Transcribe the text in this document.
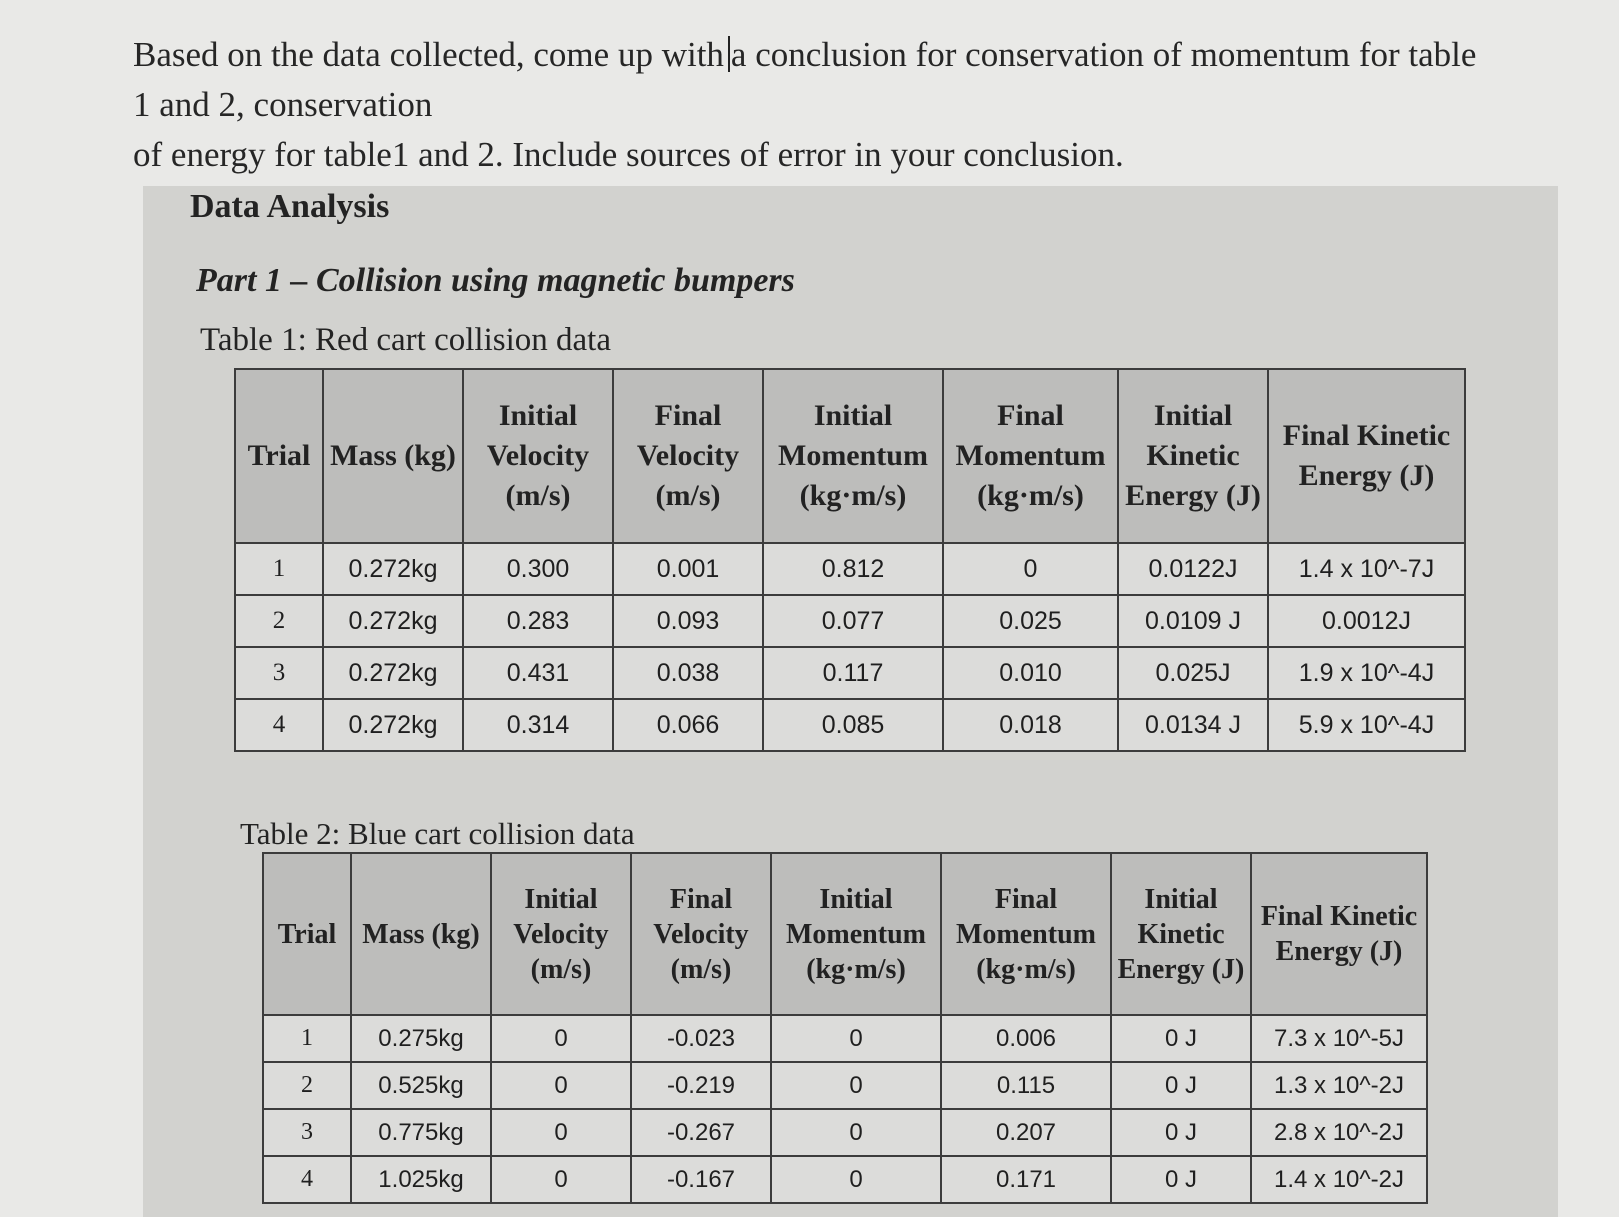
Based on the data collected, come up with a conclusion for conservation of momentum for table
1 and 2, conservation
of energy for table1 and 2. Include sources of error in your conclusion.
Data Analysis
Part 1 – Collision using magnetic bumpers
Table 1: Red cart collision data
Trial	Mass (kg)	Initial Velocity (m/s)	Final Velocity (m/s)	Initial Momentum (kg·m/s)	Final Momentum (kg·m/s)	Initial Kinetic Energy (J)	Final Kinetic Energy (J)
1	0.272kg	0.300	0.001	0.812	0	0.0122J	1.4 x 10^-7J
2	0.272kg	0.283	0.093	0.077	0.025	0.0109 J	0.0012J
3	0.272kg	0.431	0.038	0.117	0.010	0.025J	1.9 x 10^-4J
4	0.272kg	0.314	0.066	0.085	0.018	0.0134 J	5.9 x 10^-4J
Table 2: Blue cart collision data
Trial	Mass (kg)	Initial Velocity (m/s)	Final Velocity (m/s)	Initial Momentum (kg·m/s)	Final Momentum (kg·m/s)	Initial Kinetic Energy (J)	Final Kinetic Energy (J)
1	0.275kg	0	-0.023	0	0.006	0 J	7.3 x 10^-5J
2	0.525kg	0	-0.219	0	0.115	0 J	1.3 x 10^-2J
3	0.775kg	0	-0.267	0	0.207	0 J	2.8 x 10^-2J
4	1.025kg	0	-0.167	0	0.171	0 J	1.4 x 10^-2J
